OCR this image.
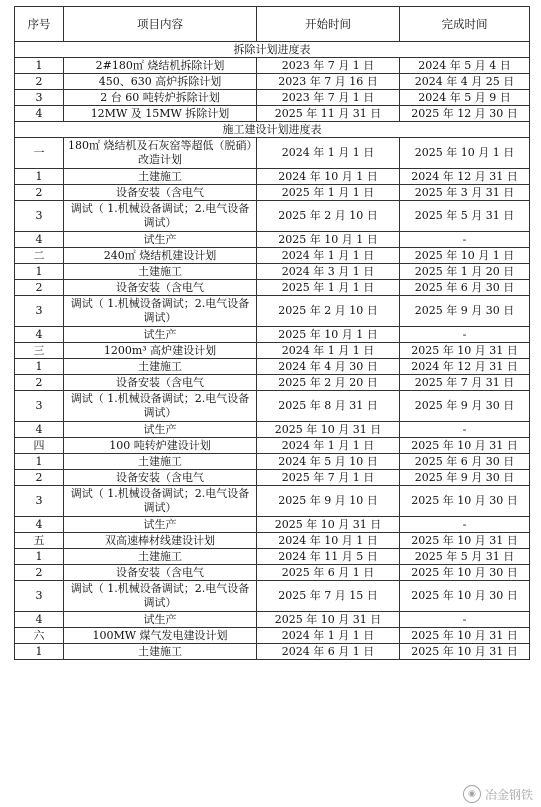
序号	项目内容	开始时间	完成时间
拆除计划进度表			
1	2#180㎡ 烧结机拆除计划	2023 年 7 月 1 日	2024 年 5 月 4 日
2	450、630 高炉拆除计划	2023 年 7 月 16 日	2024 年 4 月 25 日
3	2 台 60 吨转炉拆除计划	2023 年 7 月 1 日	2024 年 5 月 9 日
4	12MW 及 15MW 拆除计划	2025 年 11 月 31 日	2025 年 12 月 30 日
施工建设计划进度表			
一	180㎡ 烧结机及石灰窑等超低（脱硝）改造计划	2024 年 1 月 1 日	2025 年 10 月 1 日
1	土建施工	2024 年 10 月 1 日	2024 年 12 月 31 日
2	设备安装（含电气	2025 年 1 月 1 日	2025 年 3 月 31 日
3	调试（ 1.机械设备调试；2.电气设备调试）	2025 年 2 月 10 日	2025 年 5 月 31 日
4	试生产	2025 年 10 月 1 日	-
二	240㎡ 烧结机建设计划	2024 年 1 月 1 日	2025 年 10 月 1 日
1	土建施工	2024 年 3 月 1 日	2025 年 1 月 20 日
2	设备安装（含电气	2025 年 1 月 1 日	2025 年 6 月 30 日
3	调试（ 1.机械设备调试；2.电气设备调试）	2025 年 2 月 10 日	2025 年 9 月 30 日
4	试生产	2025 年 10 月 1 日	-
三	1200m³ 高炉建设计划	2024 年 1 月 1 日	2025 年 10 月 31 日
1	土建施工	2024 年 4 月 30 日	2024 年 12 月 31 日
2	设备安装（含电气	2025 年 2 月 20 日	2025 年 7 月 31 日
3	调试（ 1.机械设备调试；2.电气设备调试）	2025 年 8 月 31 日	2025 年 9 月 30 日
4	试生产	2025 年 10 月 31 日	-
四	100 吨转炉建设计划	2024 年 1 月 1 日	2025 年 10 月 31 日
1	土建施工	2024 年 5 月 10 日	2025 年 6 月 30 日
2	设备安装（含电气	2025 年 7 月 1 日	2025 年 9 月 30 日
3	调试（ 1.机械设备调试；2.电气设备调试）	2025 年 9 月 10 日	2025 年 10 月 30 日
4	试生产	2025 年 10 月 31 日	-
五	双高速棒材线建设计划	2024 年 10 月 1 日	2025 年 10 月 31 日
1	土建施工	2024 年 11 月 5 日	2025 年 5 月 31 日
2	设备安装（含电气	2025 年 6 月 1 日	2025 年 10 月 30 日
3	调试（ 1.机械设备调试；2.电气设备调试）	2025 年 7 月 15 日	2025 年 10 月 30 日
4	试生产	2025 年 10 月 31 日	-
六	100MW 煤气发电建设计划	2024 年 1 月 1 日	2025 年 10 月 31 日
1	土建施工	2024 年 6 月 1 日	2025 年 10 月 31 日
◉ 冶金钢铁
